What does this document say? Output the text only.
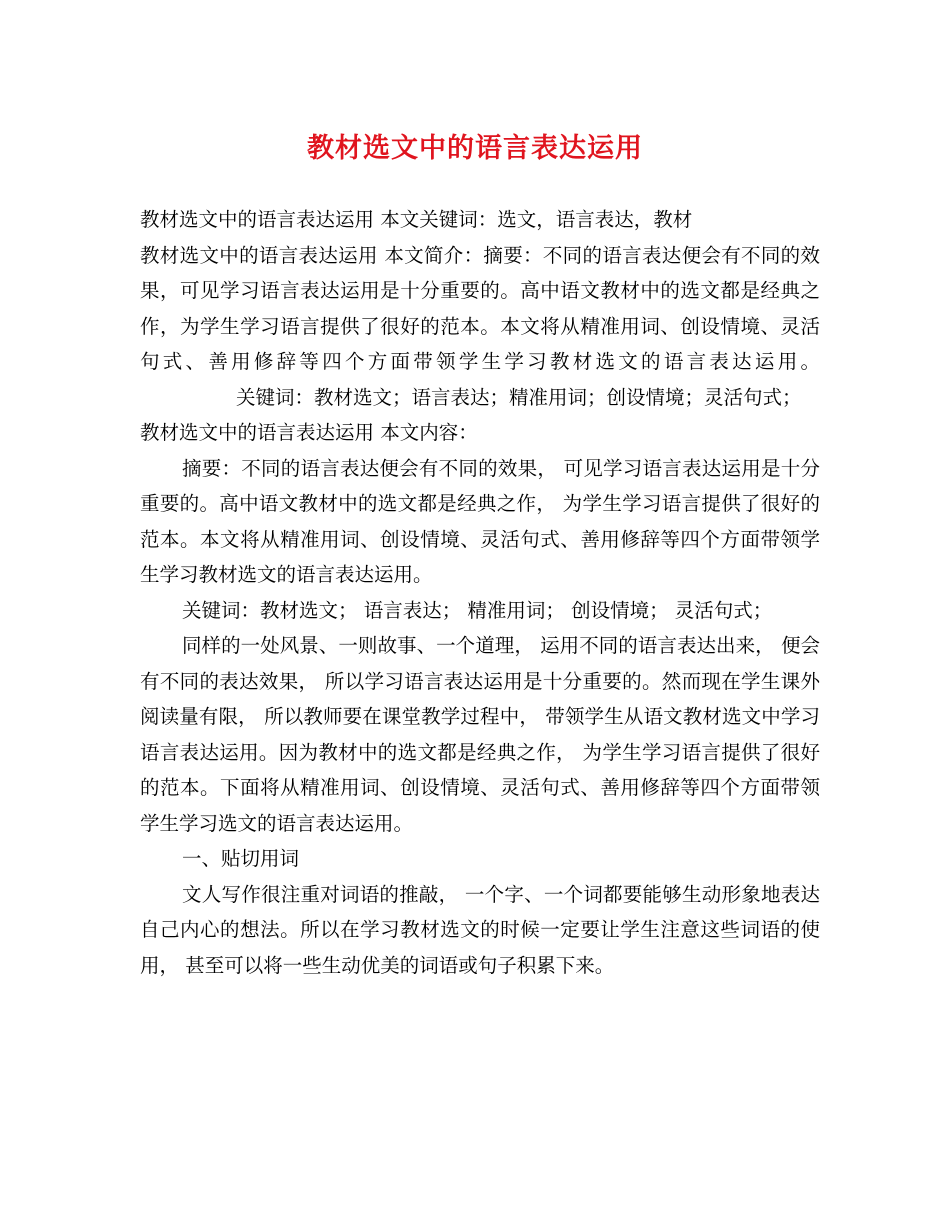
教材选文中的语言表达运用
教材选文中的语言表达运用 本文关键词：选文，语言表达，教材
教材选文中的语言表达运用 本文简介：摘要：不同的语言表达便会有不同的效果，可见学习语言表达运用是十分重要的。高中语文教材中的选文都是经典之作，为学生学习语言提供了很好的范本。本文将从精准用词、创设情境、灵活句式、善用修辞等四个方面带领学生学习教材选文的语言表达运用。关键词：教材选文；语言表达；精准用词；创设情境；灵活句式；
教材选文中的语言表达运用 本文内容：
摘要：不同的语言表达便会有不同的效果， 可见学习语言表达运用是十分重要的。高中语文教材中的选文都是经典之作， 为学生学习语言提供了很好的范本。本文将从精准用词、创设情境、灵活句式、善用修辞等四个方面带领学生学习教材选文的语言表达运用。
关键词：教材选文； 语言表达； 精准用词； 创设情境； 灵活句式；
同样的一处风景、一则故事、一个道理， 运用不同的语言表达出来， 便会有不同的表达效果， 所以学习语言表达运用是十分重要的。然而现在学生课外阅读量有限， 所以教师要在课堂教学过程中， 带领学生从语文教材选文中学习语言表达运用。因为教材中的选文都是经典之作， 为学生学习语言提供了很好的范本。下面将从精准用词、创设情境、灵活句式、善用修辞等四个方面带领学生学习选文的语言表达运用。
一、贴切用词
文人写作很注重对词语的推敲， 一个字、一个词都要能够生动形象地表达自己内心的想法。所以在学习教材选文的时候一定要让学生注意这些词语的使用， 甚至可以将一些生动优美的词语或句子积累下来。
